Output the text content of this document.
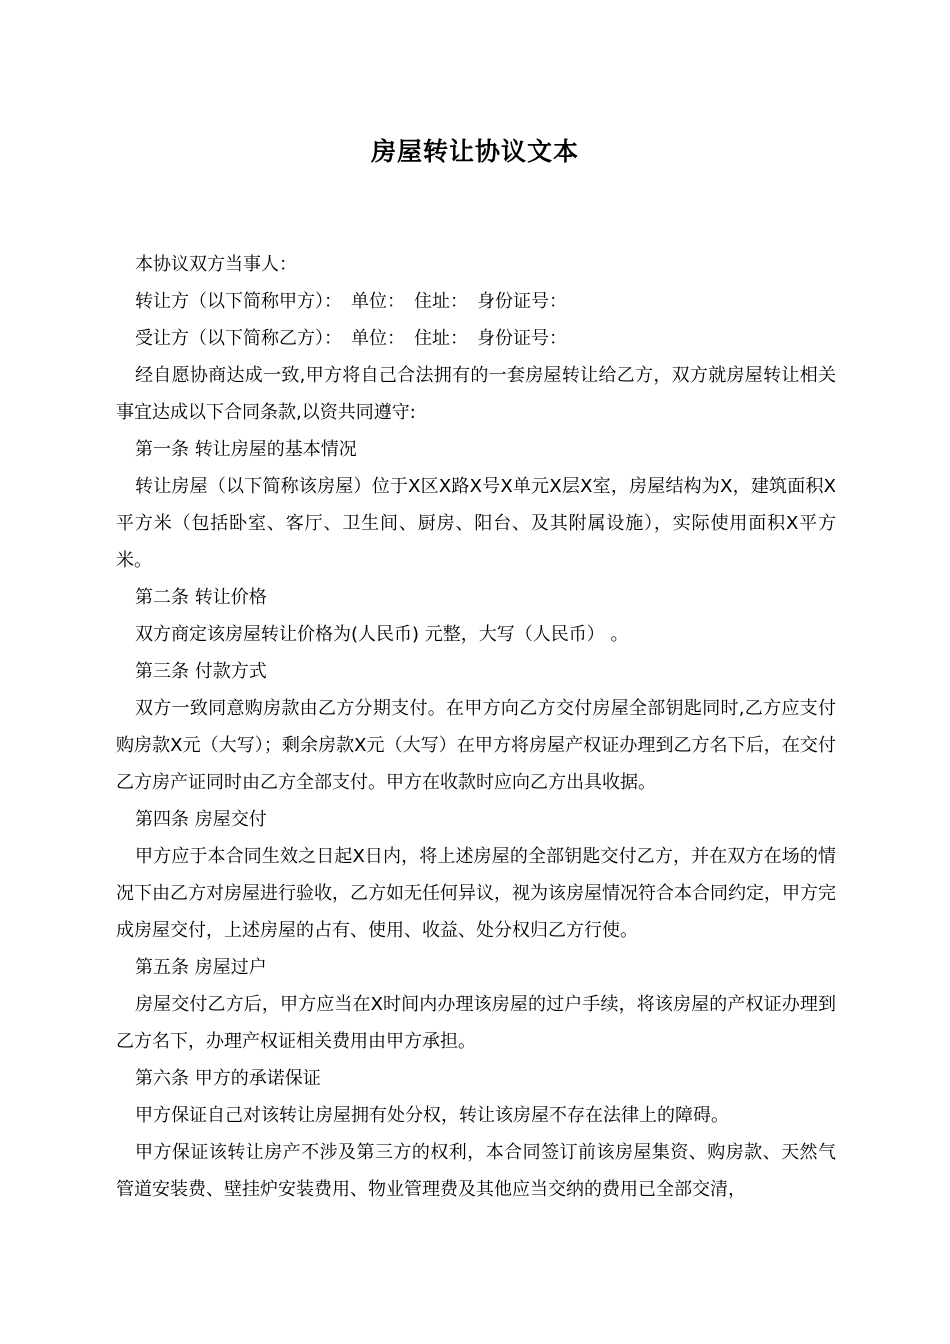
房屋转让协议文本

本协议双方当事人：

转让方（以下简称甲方）：　单位：　住址：　身份证号：

受让方（以下简称乙方）：　单位：　住址：　身份证号：

经自愿协商达成一致,甲方将自己合法拥有的一套房屋转让给乙方，双方就房屋转让相关事宜达成以下合同条款,以资共同遵守:

第一条 转让房屋的基本情况

转让房屋（以下简称该房屋）位于X区X路X号X单元X层X室，房屋结构为X，建筑面积X平方米（包括卧室、客厅、卫生间、厨房、阳台、及其附属设施），实际使用面积X平方米。

第二条 转让价格

双方商定该房屋转让价格为(人民币) 元整，大写（人民币） 。

第三条 付款方式

双方一致同意购房款由乙方分期支付。在甲方向乙方交付房屋全部钥匙同时,乙方应支付购房款X元（大写）；剩余房款X元（大写）在甲方将房屋产权证办理到乙方名下后，在交付乙方房产证同时由乙方全部支付。甲方在收款时应向乙方出具收据。

第四条 房屋交付

甲方应于本合同生效之日起X日内，将上述房屋的全部钥匙交付乙方，并在双方在场的情况下由乙方对房屋进行验收，乙方如无任何异议，视为该房屋情况符合本合同约定，甲方完成房屋交付，上述房屋的占有、使用、收益、处分权归乙方行使。

第五条 房屋过户

房屋交付乙方后，甲方应当在X时间内办理该房屋的过户手续，将该房屋的产权证办理到乙方名下，办理产权证相关费用由甲方承担。

第六条 甲方的承诺保证

甲方保证自己对该转让房屋拥有处分权，转让该房屋不存在法律上的障碍。

甲方保证该转让房产不涉及第三方的权利，本合同签订前该房屋集资、购房款、天然气管道安装费、壁挂炉安装费用、物业管理费及其他应当交纳的费用已全部交清，
